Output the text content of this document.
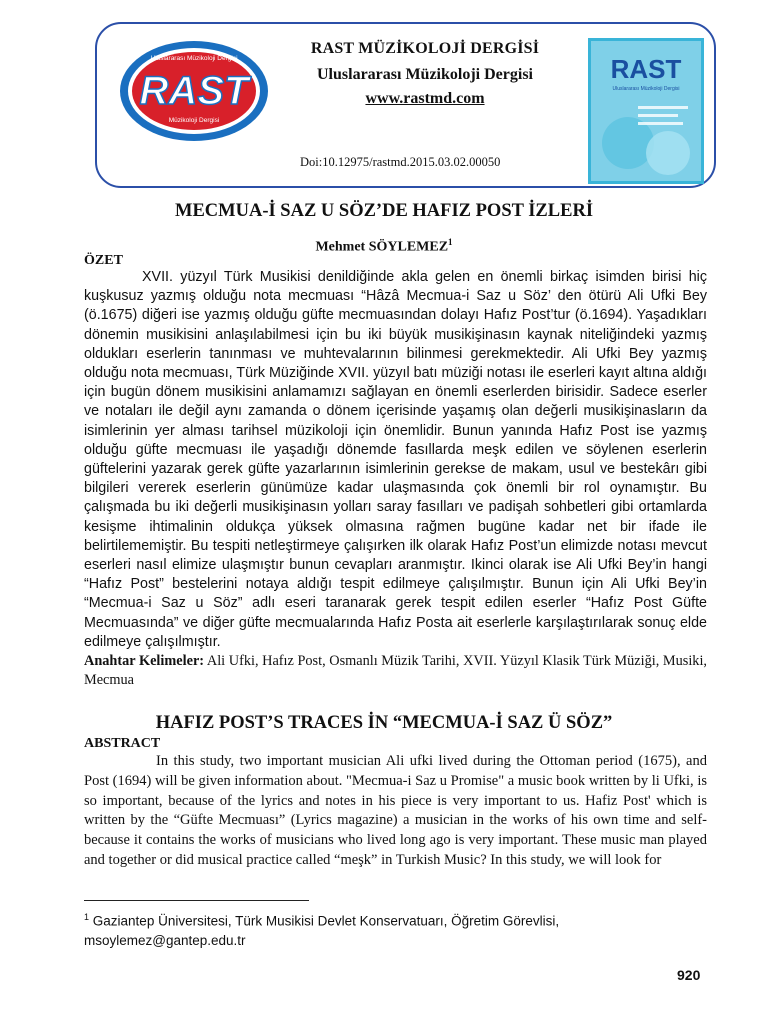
Uluslararası Müzikoloji Dergisi
RAST
Müzikoloji Dergisi
RAST MÜZİKOLOJİ DERGİSİ
Uluslararası Müzikoloji Dergisi
www.rastmd.com
Doi:10.12975/rastmd.2015.03.02.00050
RAST
Uluslararası Müzikoloji Dergisi
MECMUA-İ SAZ U SÖZ’DE HAFIZ POST İZLERİ
Mehmet SÖYLEMEZ$^1$
ÖZET

XVII. yüzyıl Türk Musikisi denildiğinde akla gelen en önemli birkaç isimden birisi hiç kuşkusuz yazmış olduğu nota mecmuası “Hâzâ Mecmua-i Saz u Söz’ den ötürü Ali Ufki Bey (ö.1675) diğeri ise yazmış olduğu güfte mecmuasından dolayı Hafız Post’tur (ö.1694). Yaşadıkları dönemin musikisini anlaşılabilmesi için bu iki büyük musikişinasın kaynak niteliğindeki yazmış oldukları eserlerin tanınması ve muhtevalarının bilinmesi gerekmektedir. Ali Ufki Bey yazmış olduğu nota mecmuası, Türk Müziğinde XVII. yüzyıl batı müziği notası ile eserleri kayıt altına aldığı için bugün dönem musikisini anlamamızı sağlayan en önemli eserlerden birisidir. Sadece eserler ve notaları ile değil aynı zamanda o dönem içerisinde yaşamış olan değerli musikişinasların da isimlerinin yer alması tarihsel müzikoloji için önemlidir. Bunun yanında Hafız Post ise yazmış olduğu güfte mecmuası ile yaşadığı dönemde fasıllarda meşk edilen ve söylenen eserlerin güftelerini yazarak gerek güfte yazarlarının isimlerinin gerekse de makam, usul ve bestekârı gibi bilgileri vererek eserlerin günümüze kadar ulaşmasında çok önemli bir rol oynamıştır. Bu çalışmada bu iki değerli musikişinasın yolları saray fasılları ve padişah sohbetleri gibi ortamlarda kesişme ihtimalinin oldukça yüksek olmasına rağmen bugüne kadar net bir ifade ile belirtilememiştir. Bu tespiti netleştirmeye çalışırken ilk olarak Hafız Post’un elimizde notası mevcut eserleri nasıl elimize ulaşmıştır bunun cevapları aranmıştır. Ikinci olarak ise Ali Ufki Bey’in hangi “Hafız Post” bestelerini notaya aldığı tespit edilmeye çalışılmıştır. Bunun için Ali Ufki Bey’in “Mecmua-i Saz u Söz” adlı eseri taranarak gerek tespit edilen eserler “Hafız Post Güfte Mecmuasında” ve diğer güfte mecmualarında Hafız Posta ait eserlerle karşılaştırılarak sonuç elde edilmeye çalışılmıştır.
Anahtar Kelimeler: Ali Ufki, Hafız Post, Osmanlı Müzik Tarihi, XVII. Yüzyıl Klasik Türk Müziği, Musiki, Mecmua

HAFIZ POST’S TRACES İN “MECMUA-İ SAZ Ü SÖZ”
ABSTRACT

In this study, two important musician Ali ufki lived during the Ottoman period (1675), and Post (1694) will be given information about. "Mecmua-i Saz u Promise" a music book written by li Ufki, is so important, because of the lyrics and notes in his piece is very important to us. Hafiz Post' which is written by the “Güfte Mecmuası” (Lyrics magazine) a musician in the works of his own time and self-because it contains the works of musicians who lived long ago is very important. These music man played and together or did musical practice called “meşk” in Turkish Music? In this study, we will look for

$^1$ Gaziantep Üniversitesi, Türk Musikisi Devlet Konservatuarı, Öğretim Görevlisi, msoylemez@gantep.edu.tr
920
